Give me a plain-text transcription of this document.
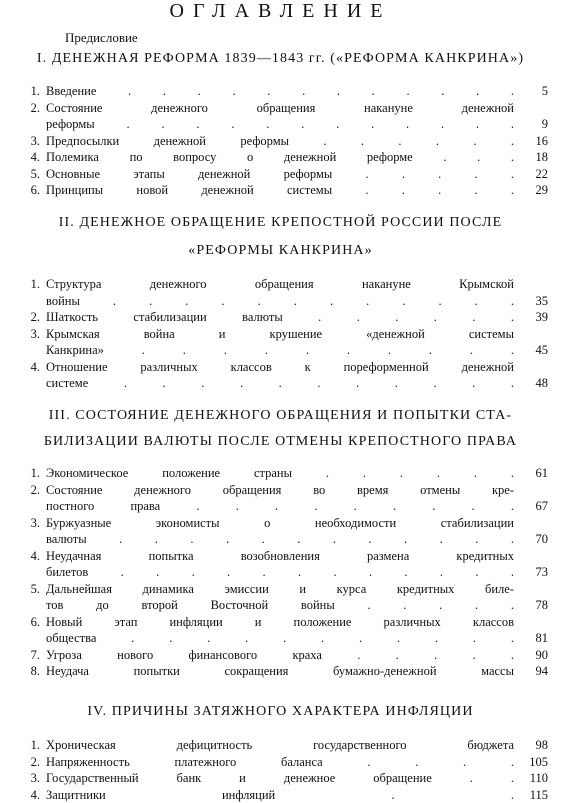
ОГЛАВЛЕНИЕ
Предисловие
I. ДЕНЕЖНАЯ РЕФОРМА 1839—1843 гг. («РЕФОРМА КАНКРИНА»)
1. Введение . . . . . . . . . . . .	5
2. Состояние денежного обращения накануне денежной
реформы . . . . . . . . . . . .	9
3. Предпосылки денежной реформы . . . . . .	16
4. Полемика по вопросу о денежной реформе . . .	18
5. Основные этапы денежной реформы . . . . .	22
6. Принципы новой денежной системы . . . . .	29
II. ДЕНЕЖНОЕ ОБРАЩЕНИЕ КРЕПОСТНОЙ РОССИИ ПОСЛЕ
«РЕФОРМЫ КАНКРИНА»
1. Структура денежного обращения накануне Крымской
войны . . . . . . . . . . . .	35
2. Шаткость стабилизации валюты . . . . . .	39
3. Крымская война и крушение «денежной системы
Канкрина» . . . . . . . . . .	45
4. Отношение различных классов к пореформенной денежной
системе . . . . . . . . . . .	48
III. СОСТОЯНИЕ ДЕНЕЖНОГО ОБРАЩЕНИЯ И ПОПЫТКИ СТА-
БИЛИЗАЦИИ ВАЛЮТЫ ПОСЛЕ ОТМЕНЫ КРЕПОСТНОГО ПРАВА
1. Экономическое положение страны . . . . . .	61
2. Состояние денежного обращения во время отмены кре-
постного права . . . . . . . . .	67
3. Буржуазные экономисты о необходимости стабилизации
валюты . . . . . . . . . . . .	70
4. Неудачная попытка возобновления размена кредитных
билетов . . . . . . . . . . . .	73
5. Дальнейшая динамика эмиссии и курса кредитных биле-
тов до второй Восточной войны . . . . .	78
6. Новый этап инфляции и положение различных классов
общества . . . . . . . . . . .	81
7. Угроза нового финансового краха . . . . .	90
8. Неудача попытки сокращения бумажно-денежной массы	94
IV. ПРИЧИНЫ ЗАТЯЖНОГО ХАРАКТЕРА ИНФЛЯЦИИ
1. Хроническая дефицитность государственного бюджета	98
2. Напряженность платежного баланса . . . .	105
3. Государственный банк и денежное обращение . .	110
4. Защитники инфляций . .	115
